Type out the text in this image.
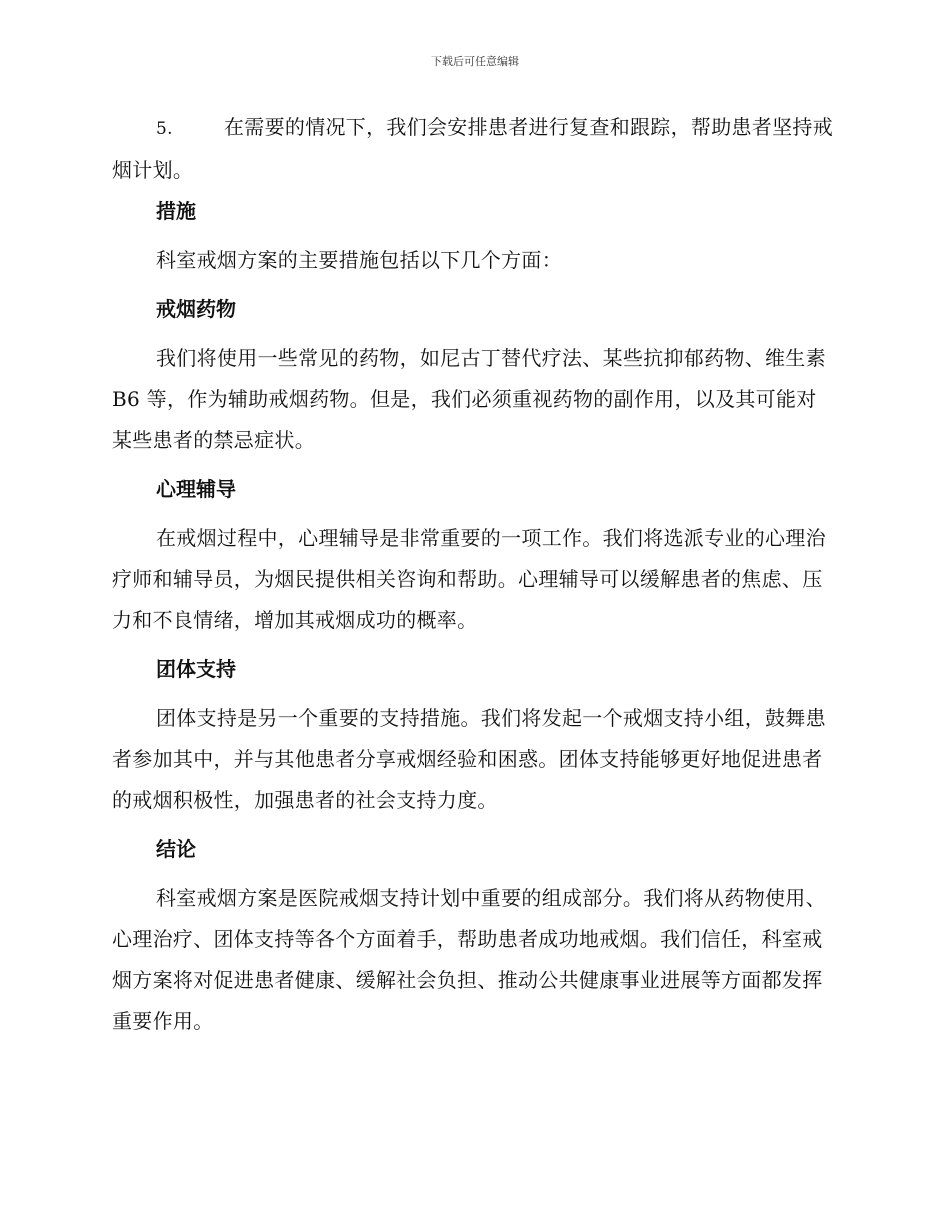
下载后可任意编辑

5.	在需要的情况下，我们会安排患者进行复查和跟踪，帮助患者坚持戒烟计划。

措施

科室戒烟方案的主要措施包括以下几个方面：

戒烟药物

我们将使用一些常见的药物，如尼古丁替代疗法、某些抗抑郁药物、维生素 B6 等，作为辅助戒烟药物。但是，我们必须重视药物的副作用，以及其可能对某些患者的禁忌症状。

心理辅导

在戒烟过程中，心理辅导是非常重要的一项工作。我们将选派专业的心理治疗师和辅导员，为烟民提供相关咨询和帮助。心理辅导可以缓解患者的焦虑、压力和不良情绪，增加其戒烟成功的概率。

团体支持

团体支持是另一个重要的支持措施。我们将发起一个戒烟支持小组，鼓舞患者参加其中，并与其他患者分享戒烟经验和困惑。团体支持能够更好地促进患者的戒烟积极性，加强患者的社会支持力度。

结论

科室戒烟方案是医院戒烟支持计划中重要的组成部分。我们将从药物使用、心理治疗、团体支持等各个方面着手，帮助患者成功地戒烟。我们信任，科室戒烟方案将对促进患者健康、缓解社会负担、推动公共健康事业进展等方面都发挥重要作用。
